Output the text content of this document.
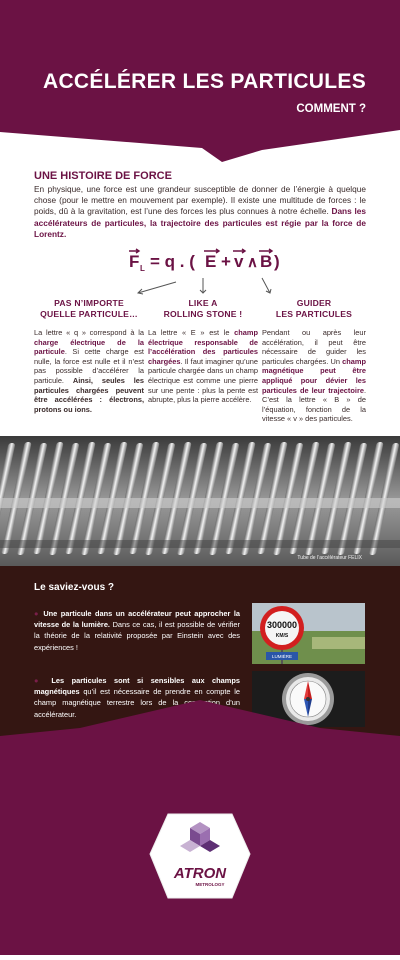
ACCÉLÉRER LES PARTICULES
COMMENT ?
UNE HISTOIRE DE FORCE
En physique, une force est une grandeur susceptible de donner de l’énergie à quelque chose (pour le mettre en mouvement par exemple). Il existe une multitude de forces : le poids, dû à la gravitation, est l’une des forces les plus connues à notre échelle. Dans les accélérateurs de particules, la trajectoire des particules est régie par la force de Lorentz.
F L = q . ( E + v ∧ B )
PAS N’IMPORTE
QUELLE PARTICULE…
La lettre « q » correspond à la charge électrique de la particule. Si cette charge est nulle, la force est nulle et il n’est pas possible d’accélérer la particule. Ainsi, seules les particules chargées peuvent être accélérées : électrons, protons ou ions.
LIKE A
ROLLING STONE !
La lettre « E » est le champ électrique responsable de l’accélération des particules chargées. Il faut imaginer qu’une particule chargée dans un champ électrique est comme une pierre sur une pente : plus la pente est abrupte, plus la pierre accélère.
GUIDER
LES PARTICULES
Pendant ou après leur accélération, il peut être nécessaire de guider les particules chargées. Un champ magnétique peut être appliqué pour dévier les particules de leur trajectoire. C’est la lettre « B » de l’équation, fonction de la vitesse « v » des particules.
Tube de l’accélérateur FELIX
Le saviez-vous ?
● Une particule dans un accélérateur peut approcher la vitesse de la lumière. Dans ce cas, il est possible de vérifier la théorie de la relativité proposée par Einstein avec des expériences !
● Les particules sont si sensibles aux champs magnétiques qu’il est nécessaire de prendre en compte le champ magnétique terrestre lors de la conception d’un accélérateur.
300000
KM/S
LUMIÈRE
ATRON
METROLOGY
